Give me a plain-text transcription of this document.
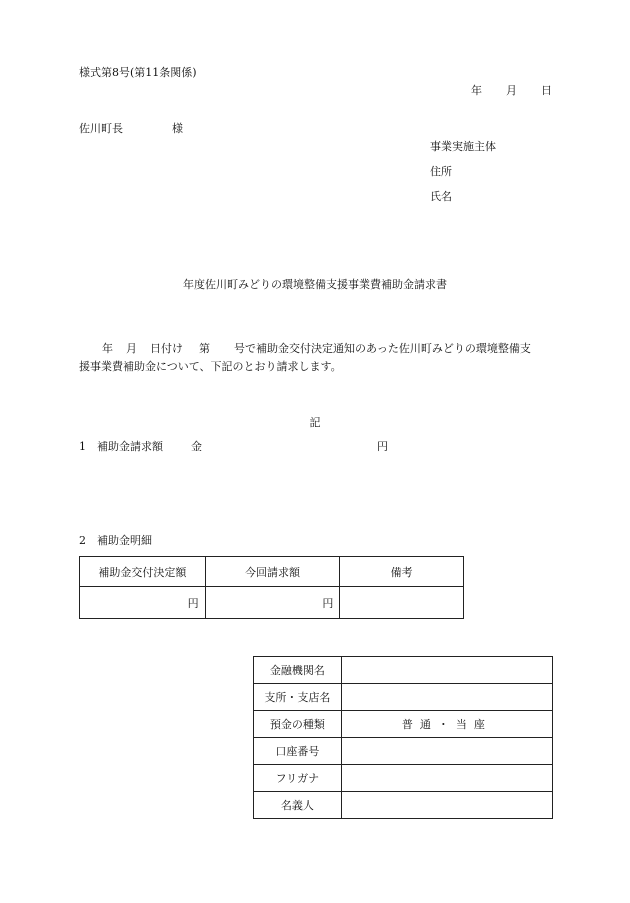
様式第8号(第11条関係)
年 月 日
佐川町長	様
事業実施主体
住所
氏名
年度佐川町みどりの環境整備支援事業費補助金請求書
年 月 日付け 第 号で補助金交付決定通知のあった佐川町みどりの環境整備支
援事業費補助金について、下記のとおり請求します。
記
1　補助金請求額	金	円
2　補助金明細
補助金交付決定額	今回請求額	備考
円	円	
金融機関名	
支所・支店名	
預金の種類	普通・当座
口座番号	
フリガナ	
名義人	
